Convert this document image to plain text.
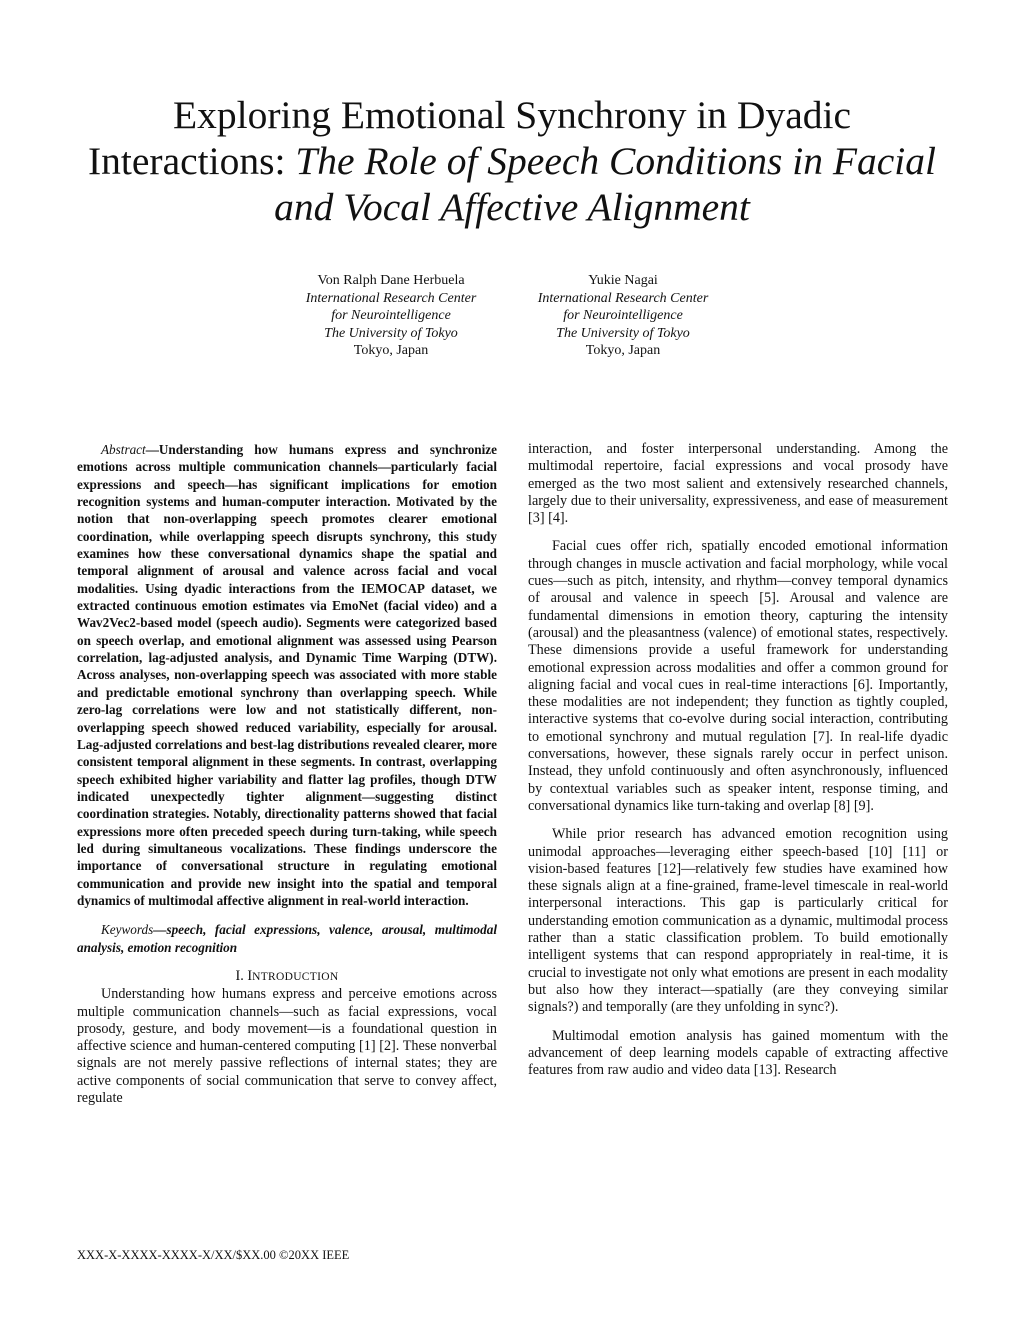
Exploring Emotional Synchrony in Dyadic
Interactions: The Role of Speech Conditions in Facial
and Vocal Affective Alignment
Von Ralph Dane Herbuela
International Research Center
for Neurointelligence
The University of Tokyo
Tokyo, Japan
Yukie Nagai
International Research Center
for Neurointelligence
The University of Tokyo
Tokyo, Japan

Abstract—Understanding how humans express and synchronize emotions across multiple communication channels—particularly facial expressions and speech—has significant implications for emotion recognition systems and human-computer interaction. Motivated by the notion that non-overlapping speech promotes clearer emotional coordination, while overlapping speech disrupts synchrony, this study examines how these conversational dynamics shape the spatial and temporal alignment of arousal and valence across facial and vocal modalities. Using dyadic interactions from the IEMOCAP dataset, we extracted continuous emotion estimates via EmoNet (facial video) and a Wav2Vec2-based model (speech audio). Segments were categorized based on speech overlap, and emotional alignment was assessed using Pearson correlation, lag-adjusted analysis, and Dynamic Time Warping (DTW). Across analyses, non-overlapping speech was associated with more stable and predictable emotional synchrony than overlapping speech. While zero-lag correlations were low and not statistically different, non-overlapping speech showed reduced variability, especially for arousal. Lag-adjusted correlations and best-lag distributions revealed clearer, more consistent temporal alignment in these segments. In contrast, overlapping speech exhibited higher variability and flatter lag profiles, though DTW indicated unexpectedly tighter alignment—suggesting distinct coordination strategies. Notably, directionality patterns showed that facial expressions more often preceded speech during turn-taking, while speech led during simultaneous vocalizations. These findings underscore the importance of conversational structure in regulating emotional communication and provide new insight into the spatial and temporal dynamics of multimodal affective alignment in real-world interaction.

Keywords—speech, facial expressions, valence, arousal, multimodal analysis, emotion recognition

I. INTRODUCTION

Understanding how humans express and perceive emotions across multiple communication channels—such as facial expressions, vocal prosody, gesture, and body movement—is a foundational question in affective science and human-centered computing [1] [2]. These nonverbal signals are not merely passive reflections of internal states; they are active components of social communication that serve to convey affect, regulate

interaction, and foster interpersonal understanding. Among the multimodal repertoire, facial expressions and vocal prosody have emerged as the two most salient and extensively researched channels, largely due to their universality, expressiveness, and ease of measurement [3] [4].

Facial cues offer rich, spatially encoded emotional information through changes in muscle activation and facial morphology, while vocal cues—such as pitch, intensity, and rhythm—convey temporal dynamics of arousal and valence in speech [5]. Arousal and valence are fundamental dimensions in emotion theory, capturing the intensity (arousal) and the pleasantness (valence) of emotional states, respectively. These dimensions provide a useful framework for understanding emotional expression across modalities and offer a common ground for aligning facial and vocal cues in real-time interactions [6]. Importantly, these modalities are not independent; they function as tightly coupled, interactive systems that co-evolve during social interaction, contributing to emotional synchrony and mutual regulation [7]. In real-life dyadic conversations, however, these signals rarely occur in perfect unison. Instead, they unfold continuously and often asynchronously, influenced by contextual variables such as speaker intent, response timing, and conversational dynamics like turn-taking and overlap [8] [9].

While prior research has advanced emotion recognition using unimodal approaches—leveraging either speech-based [10] [11] or vision-based features [12]—relatively few studies have examined how these signals align at a fine-grained, frame-level timescale in real-world interpersonal interactions. This gap is particularly critical for understanding emotion communication as a dynamic, multimodal process rather than a static classification problem. To build emotionally intelligent systems that can respond appropriately in real-time, it is crucial to investigate not only what emotions are present in each modality but also how they interact—spatially (are they conveying similar signals?) and temporally (are they unfolding in sync?).

Multimodal emotion analysis has gained momentum with the advancement of deep learning models capable of extracting affective features from raw audio and video data [13]. Research

XXX-X-XXXX-XXXX-X/XX/$XX.00 ©20XX IEEE
